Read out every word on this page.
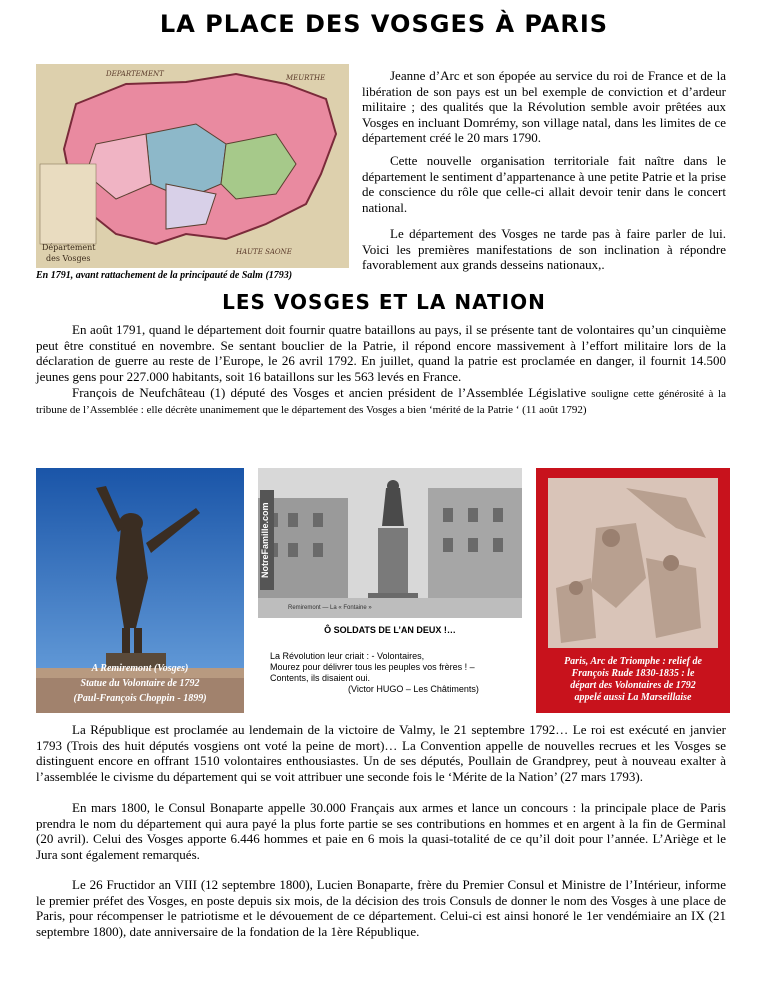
LA PLACE DES VOSGES À PARIS
DEPARTEMENT	MEURTHE
HAUTE SAONE
Département
des Vosges
En 1791, avant rattachement de la principauté de Salm (1793)
Jeanne d’Arc et son épopée au service du roi de France et de la libération de son pays est un bel exemple de conviction et d’ardeur militaire ; des qualités que la Révolution semble avoir prêtées aux Vosges en incluant Domrémy, son village natal, dans les limites de ce département créé le 20 mars 1790.
Cette nouvelle organisation territoriale fait naître dans le département le sentiment d’appartenance à une petite Patrie et la prise de conscience du rôle que celle-ci allait devoir tenir dans le concert national.
Le département des Vosges ne tarde pas à faire parler de lui. Voici les premières manifestations de son inclination à répondre favorablement aux grands desseins nationaux,.
LES VOSGES ET LA NATION
En août 1791, quand le département doit fournir quatre bataillons au pays, il se présente tant de volontaires qu’un cinquième peut être constitué en novembre. Se sentant bouclier de la Patrie, il répond encore massivement à l’effort militaire lors de la déclaration de guerre au reste de l’Europe, le 26 avril 1792. En juillet, quand la patrie est proclamée en danger, il fournit 14.500 jeunes gens pour 227.000 habitants, soit 16 bataillons sur les 563 levés en France.
François de Neufchâteau (1) député des Vosges et ancien président de l’Assemblée Législative souligne cette générosité à la tribune de l’Assemblée : elle décrète unanimement que le département des Vosges a bien ‘mérité de la Patrie ‘ (11 août 1792)
A Remiremont (Vosges)
Statue du Volontaire de 1792
(Paul-François Choppin - 1899)
NotreFamille.com
Remiremont — La « Fontaine »
Ô SOLDATS DE L’AN DEUX !…
La Révolution leur criait : - Volontaires,
Mourez pour délivrer tous les peuples vos frères ! –
Contents, ils disaient oui.
(Victor HUGO – Les Châtiments)
Paris, Arc de Triomphe : relief de
François Rude 1830-1835 : le
départ des Volontaires de 1792
appelé aussi La Marseillaise
La République est proclamée au lendemain de la victoire de Valmy, le 21 septembre 1792… Le roi est exécuté en janvier 1793 (Trois des huit députés vosgiens ont voté la peine de mort)… La Convention appelle de nouvelles recrues et les Vosges se distinguent encore en offrant 1510 volontaires enthousiastes. Un de ses députés, Poullain de Grandprey, peut à nouveau exalter à l’assemblée le civisme du département qui se voit attribuer une seconde fois le ‘Mérite de la Nation’ (27 mars 1793).
En mars 1800, le Consul Bonaparte appelle 30.000 Français aux armes et lance un concours : la principale place de Paris prendra le nom du département qui aura payé la plus forte partie se ses contributions en hommes et en argent à la fin de Germinal (20 avril). Celui des Vosges apporte 6.446 hommes et paie en 6 mois la quasi-totalité de ce qu’il doit pour l’année. L’Ariège et le Jura sont également remarqués.
Le 26 Fructidor an VIII (12 septembre 1800), Lucien Bonaparte, frère du Premier Consul et Ministre de l’Intérieur, informe le premier préfet des Vosges, en poste depuis six mois, de la décision des trois Consuls de donner le nom des Vosges à une place de Paris, pour récompenser le patriotisme et le dévouement de ce département. Celui-ci est ainsi honoré le 1er vendémiaire an IX (21 septembre 1800), date anniversaire de la fondation de la 1ère République.
